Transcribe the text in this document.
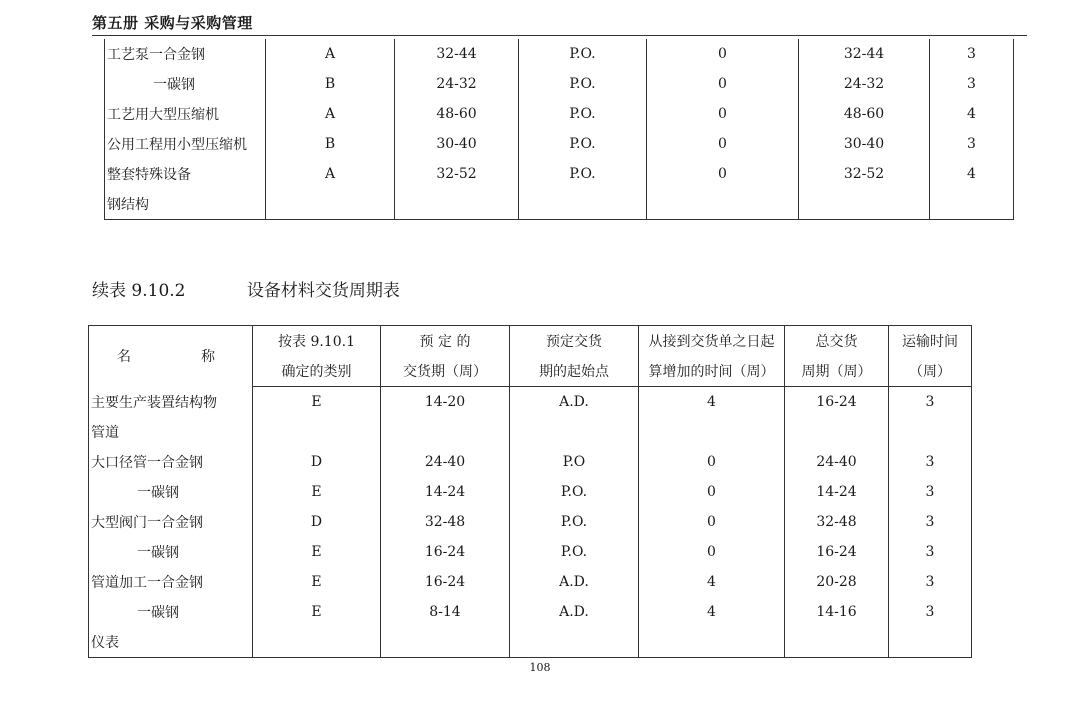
第五册 采购与采购管理
工艺泵一合金钢	A	32-44	P.O.	0	32-44	3
一碳钢	B	24-32	P.O.	0	24-32	3
工艺用大型压缩机	A	48-60	P.O.	0	48-60	4
公用工程用小型压缩机	B	30-40	P.O.	0	30-40	3
整套特殊设备	A	32-52	P.O.	0	32-52	4
钢结构						
续表 9.10.2	设备材料交货周期表
名 称	按表 9.10.1	预 定 的	预定交货	从接到交货单之日起	总交货	运输时间
	确定的类别	交货期（周）	期的起始点	算增加的时间（周）	周期（周）	（周）
主要生产装置结构物	E	14-20	A.D.	4	16-24	3
管道						
大口径管一合金钢	D	24-40	P.O	0	24-40	3
一碳钢	E	14-24	P.O.	0	14-24	3
大型阀门一合金钢	D	32-48	P.O.	0	32-48	3
一碳钢	E	16-24	P.O.	0	16-24	3
管道加工一合金钢	E	16-24	A.D.	4	20-28	3
一碳钢	E	8-14	A.D.	4	14-16	3
仪表						
108
